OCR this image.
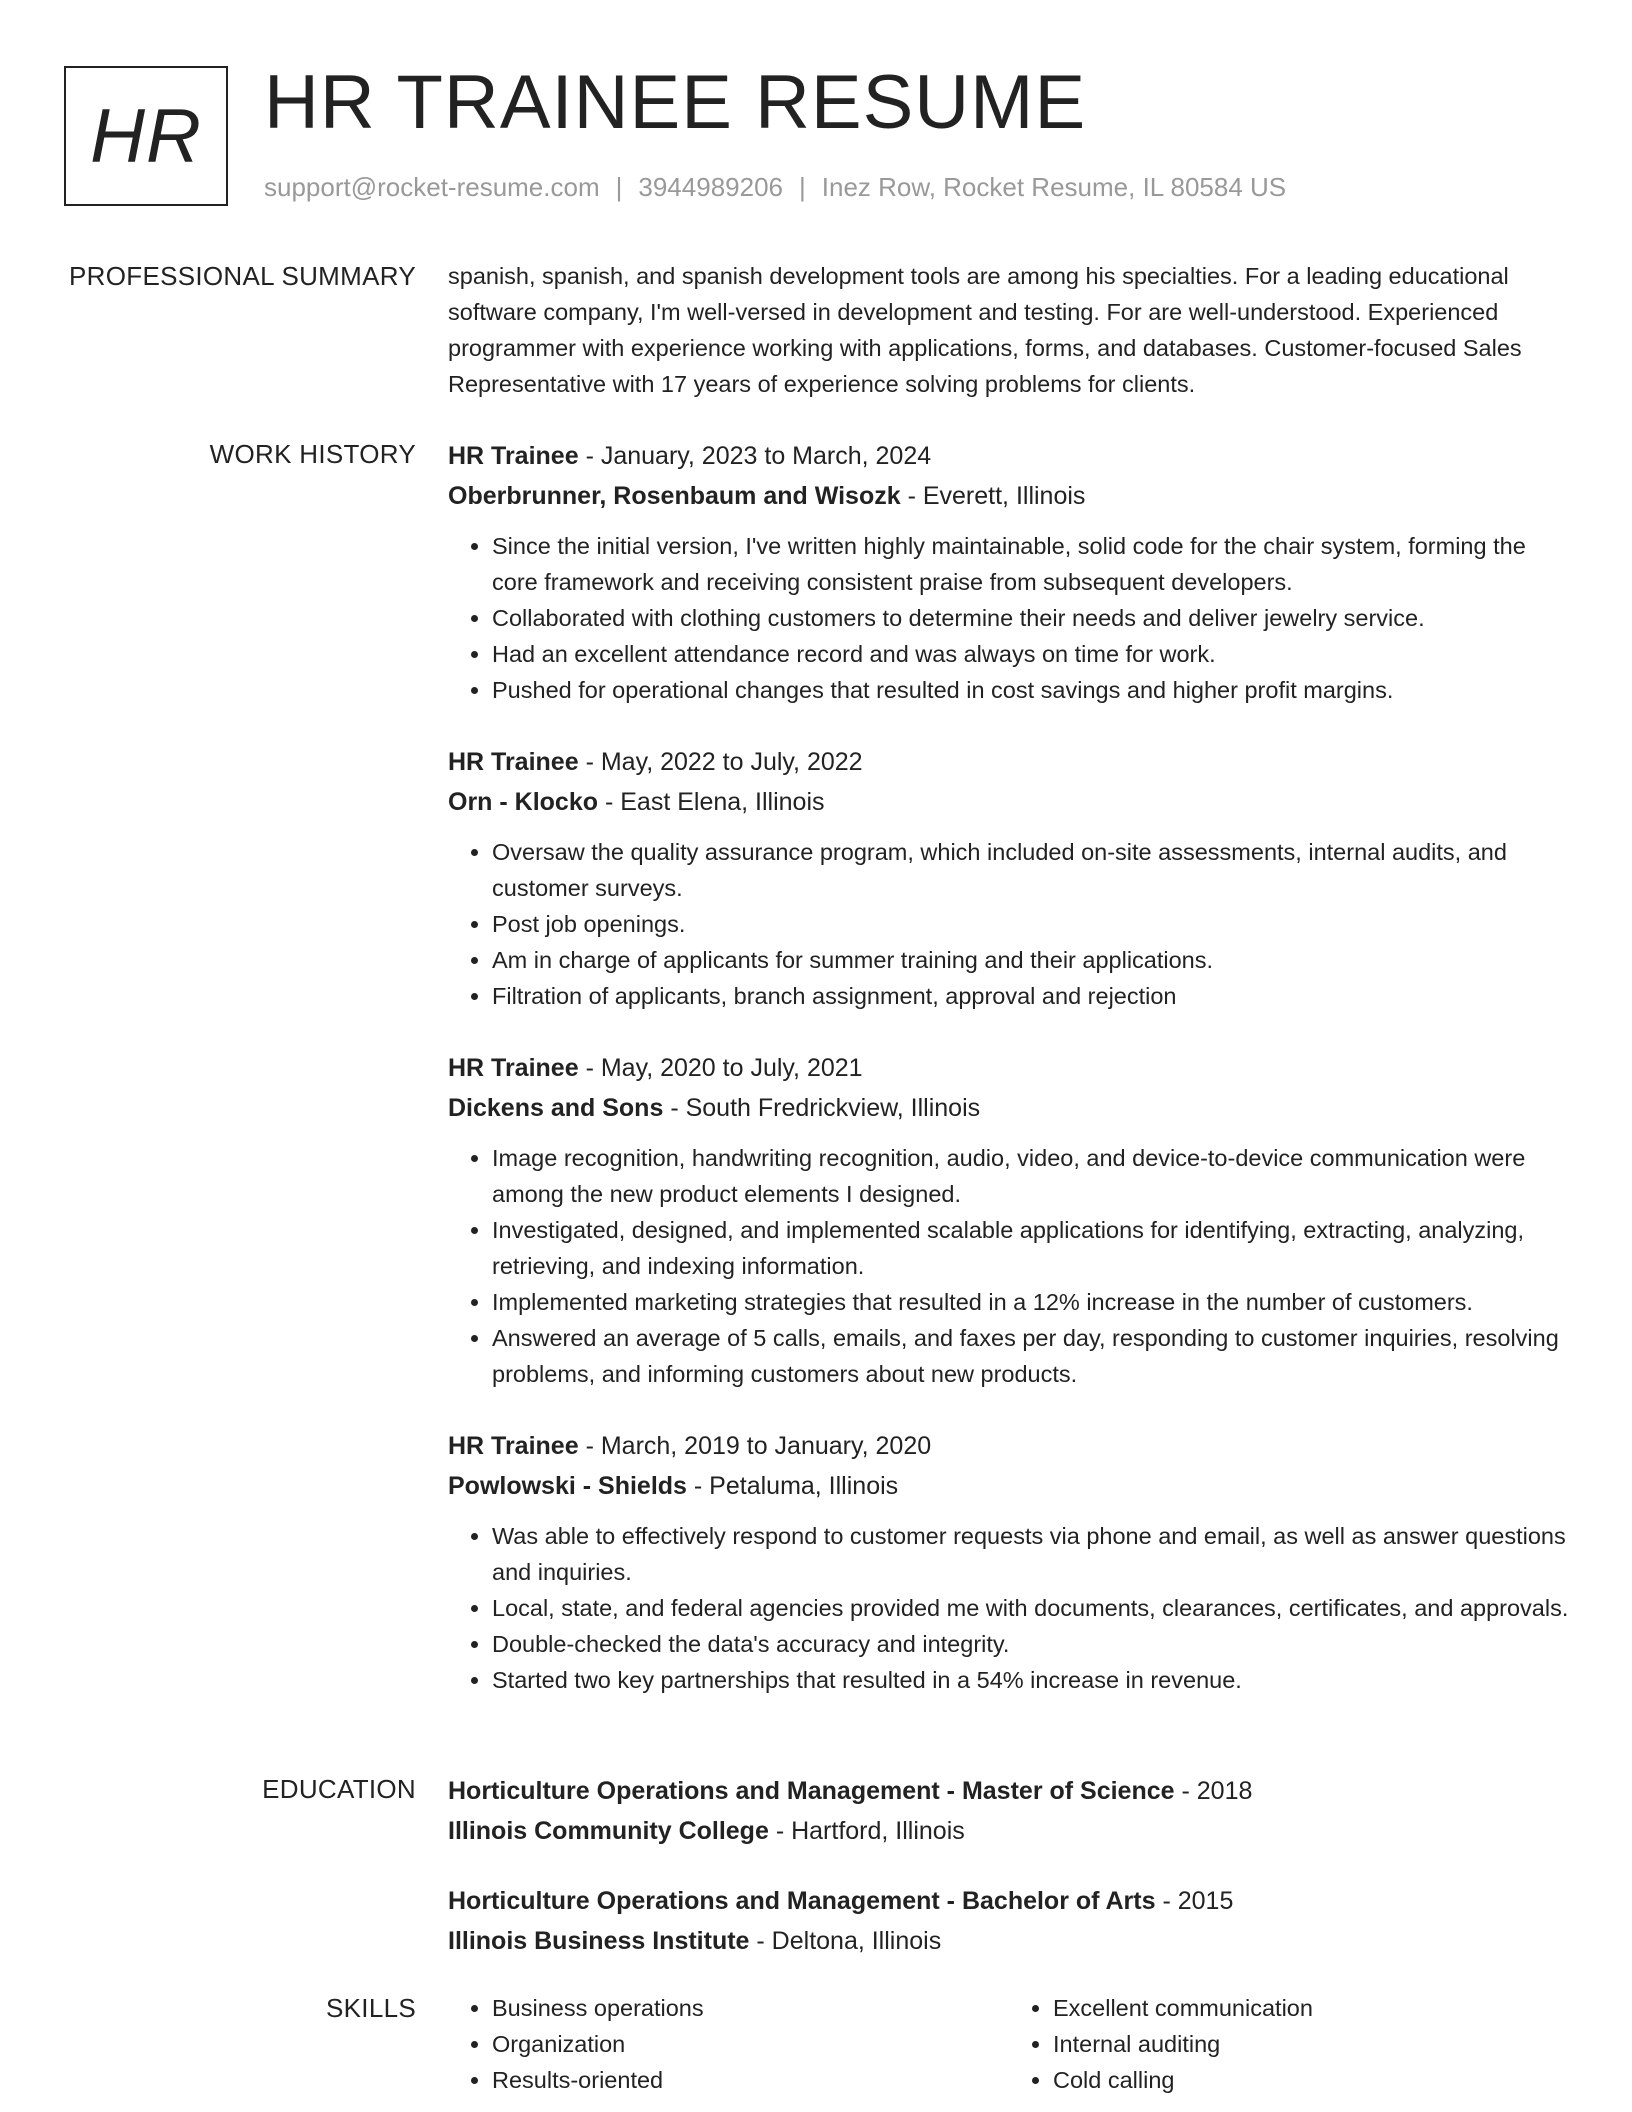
HR HR TRAINEE RESUME
support@rocket-resume.com | 3944989206 | Inez Row, Rocket Resume, IL 80584 US
PROFESSIONAL SUMMARY spanish, spanish, and spanish development tools are among his specialties. For a leading educational software company, I'm well-versed in development and testing. For are well-understood. Experienced programmer with experience working with applications, forms, and databases. Customer-focused Sales Representative with 17 years of experience solving problems for clients.

WORK HISTORY HR Trainee - January, 2023 to March, 2024
Oberbrunner, Rosenbaum and Wisozk - Everett, Illinois
• Since the initial version, I've written highly maintainable, solid code for the chair system, forming the core framework and receiving consistent praise from subsequent developers.
• Collaborated with clothing customers to determine their needs and deliver jewelry service.
• Had an excellent attendance record and was always on time for work.
• Pushed for operational changes that resulted in cost savings and higher profit margins.
HR Trainee - May, 2022 to July, 2022
Orn - Klocko - East Elena, Illinois
• Oversaw the quality assurance program, which included on-site assessments, internal audits, and customer surveys.
• Post job openings.
• Am in charge of applicants for summer training and their applications.
• Filtration of applicants, branch assignment, approval and rejection
HR Trainee - May, 2020 to July, 2021
Dickens and Sons - South Fredrickview, Illinois
• Image recognition, handwriting recognition, audio, video, and device-to-device communication were among the new product elements I designed.
• Investigated, designed, and implemented scalable applications for identifying, extracting, analyzing, retrieving, and indexing information.
• Implemented marketing strategies that resulted in a 12% increase in the number of customers.
• Answered an average of 5 calls, emails, and faxes per day, responding to customer inquiries, resolving problems, and informing customers about new products.
HR Trainee - March, 2019 to January, 2020
Powlowski - Shields - Petaluma, Illinois
• Was able to effectively respond to customer requests via phone and email, as well as answer questions and inquiries.
• Local, state, and federal agencies provided me with documents, clearances, certificates, and approvals.
• Double-checked the data's accuracy and integrity.
• Started two key partnerships that resulted in a 54% increase in revenue.
EDUCATION Horticulture Operations and Management - Master of Science - 2018
Illinois Community College - Hartford, Illinois
Horticulture Operations and Management - Bachelor of Arts - 2015
Illinois Business Institute - Deltona, Illinois
SKILLS
•	Business operations
• Organization
• Results-oriented
• Excellent communication
• Internal auditing
• Cold calling
